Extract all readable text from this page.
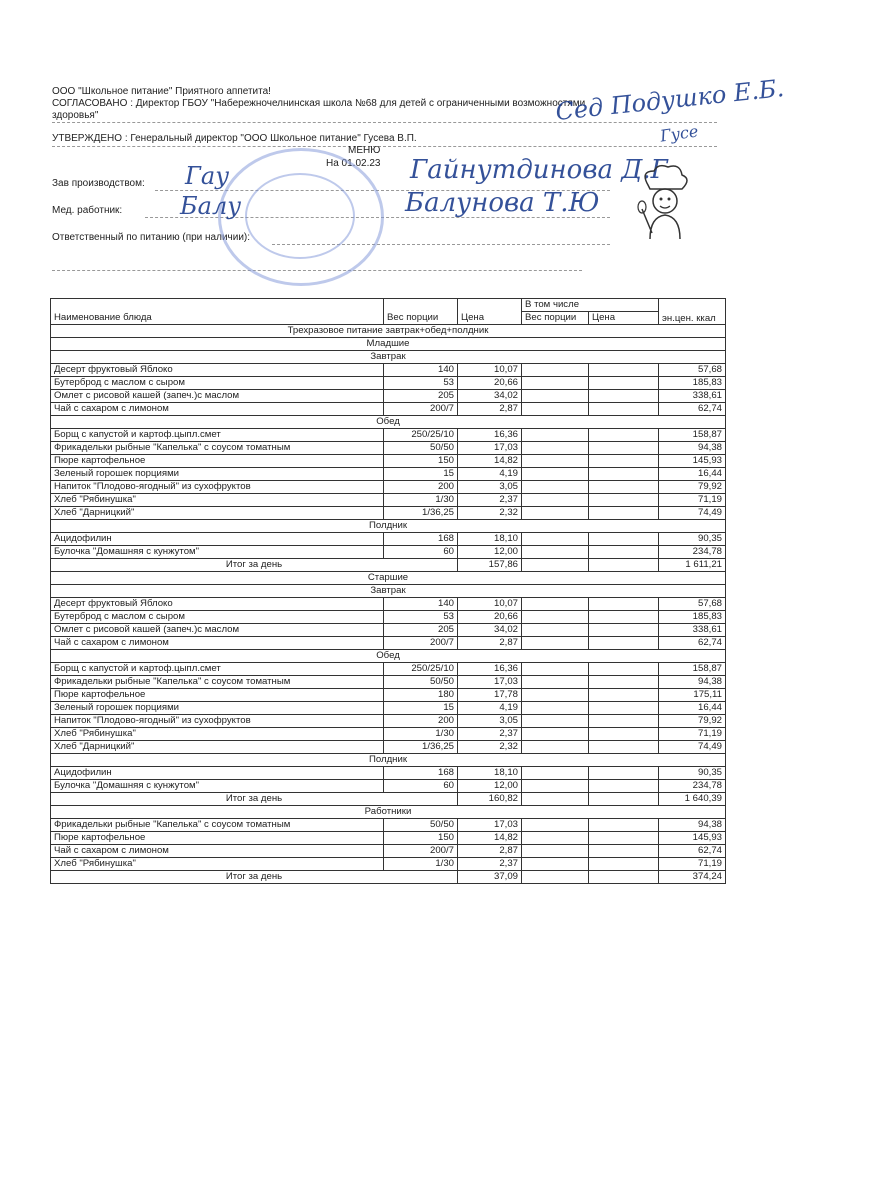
ООО "Школьное питание" Приятного аппетита!
СОГЛАСОВАНО : Директор ГБОУ "Набережночелнинская школа №68 для детей с ограниченными возможностями
здоровья"
УТВЕРЖДЕНО : Генеральный директор "ООО Школьное питание" Гусева В.П.
МЕНЮ
На 01.02.23
Зав производством:
Мед. работник:
Ответственный по питанию (при наличии):
Сед Подушко Е.Б.
Гусе
Гау	Гайнутдинова Д.Г
Балу	Балунова Т.Ю
Наименование блюда	Вес порции	Цена	В том числе		эн.цен. ккал
			Вес порции	Цена	
Трехразовое питание завтрак+обед+полдник					
Младшие					
Завтрак					
Десерт фруктовый Яблоко	140	10,07			57,68
Бутерброд с маслом с сыром	53	20,66			185,83
Омлет с рисовой кашей (запеч.)с маслом	205	34,02			338,61
Чай с сахаром с лимоном	200/7	2,87			62,74
Обед					
Борщ с капустой и картоф.цыпл.смет	250/25/10	16,36			158,87
Фрикадельки рыбные "Капелька" с соусом томатным	50/50	17,03			94,38
Пюре картофельное	150	14,82			145,93
Зеленый горошек порциями	15	4,19			16,44
Напиток "Плодово-ягодный" из сухофруктов	200	3,05			79,92
Хлеб "Рябинушка"	1/30	2,37			71,19
Хлеб "Дарницкий"	1/36,25	2,32			74,49
Полдник					
Ацидофилин	168	18,10			90,35
Булочка "Домашняя с кунжутом"	60	12,00			234,78
Итог за день		157,86			1 611,21
Старшие					
Завтрак					
Десерт фруктовый Яблоко	140	10,07			57,68
Бутерброд с маслом с сыром	53	20,66			185,83
Омлет с рисовой кашей (запеч.)с маслом	205	34,02			338,61
Чай с сахаром с лимоном	200/7	2,87			62,74
Обед					
Борщ с капустой и картоф.цыпл.смет	250/25/10	16,36			158,87
Фрикадельки рыбные "Капелька" с соусом томатным	50/50	17,03			94,38
Пюре картофельное	180	17,78			175,11
Зеленый горошек порциями	15	4,19			16,44
Напиток "Плодово-ягодный" из сухофруктов	200	3,05			79,92
Хлеб "Рябинушка"	1/30	2,37			71,19
Хлеб "Дарницкий"	1/36,25	2,32			74,49
Полдник					
Ацидофилин	168	18,10			90,35
Булочка "Домашняя с кунжутом"	60	12,00			234,78
Итог за день		160,82			1 640,39
Работники					
Фрикадельки рыбные "Капелька" с соусом томатным	50/50	17,03			94,38
Пюре картофельное	150	14,82			145,93
Чай с сахаром с лимоном	200/7	2,87			62,74
Хлеб "Рябинушка"	1/30	2,37			71,19
Итог за день		37,09			374,24
